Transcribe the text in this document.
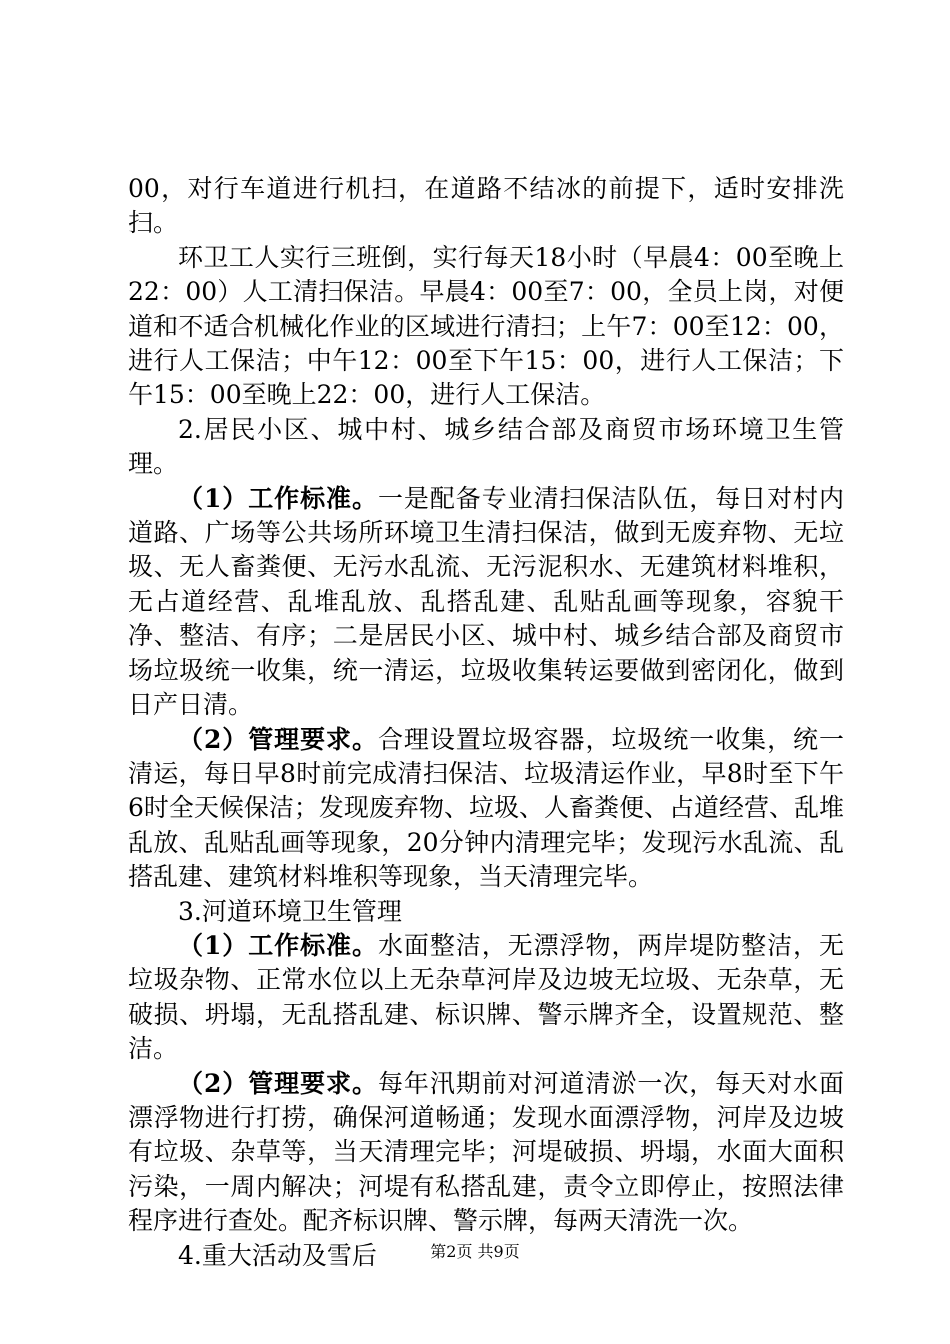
00，对行车道进行机扫，在道路不结冰的前提下，适时安排洗扫。

环卫工人实行三班倒，实行每天18小时（早晨4：00至晚上22：00）人工清扫保洁。早晨4：00至7：00，全员上岗，对便道和不适合机械化作业的区域进行清扫；上午7：00至12：00，进行人工保洁；中午12：00至下午15：00，进行人工保洁；下午15：00至晚上22：00，进行人工保洁。

2.居民小区、城中村、城乡结合部及商贸市场环境卫生管理。

（1）工作标准。一是配备专业清扫保洁队伍，每日对村内道路、广场等公共场所环境卫生清扫保洁，做到无废弃物、无垃圾、无人畜粪便、无污水乱流、无污泥积水、无建筑材料堆积，无占道经营、乱堆乱放、乱搭乱建、乱贴乱画等现象，容貌干净、整洁、有序；二是居民小区、城中村、城乡结合部及商贸市场垃圾统一收集，统一清运，垃圾收集转运要做到密闭化，做到日产日清。

（2）管理要求。合理设置垃圾容器，垃圾统一收集，统一清运，每日早8时前完成清扫保洁、垃圾清运作业，早8时至下午6时全天候保洁；发现废弃物、垃圾、人畜粪便、占道经营、乱堆乱放、乱贴乱画等现象，20分钟内清理完毕；发现污水乱流、乱搭乱建、建筑材料堆积等现象，当天清理完毕。

3.河道环境卫生管理

（1）工作标准。水面整洁，无漂浮物，两岸堤防整洁，无垃圾杂物、正常水位以上无杂草河岸及边坡无垃圾、无杂草，无破损、坍塌，无乱搭乱建、标识牌、警示牌齐全，设置规范、整洁。

（2）管理要求。每年汛期前对河道清淤一次，每天对水面漂浮物进行打捞，确保河道畅通；发现水面漂浮物，河岸及边坡有垃圾、杂草等，当天清理完毕；河堤破损、坍塌，水面大面积污染，一周内解决；河堤有私搭乱建，责令立即停止，按照法律程序进行查处。配齐标识牌、警示牌，每两天清洗一次。

4.重大活动及雪后	第2页 共9页
